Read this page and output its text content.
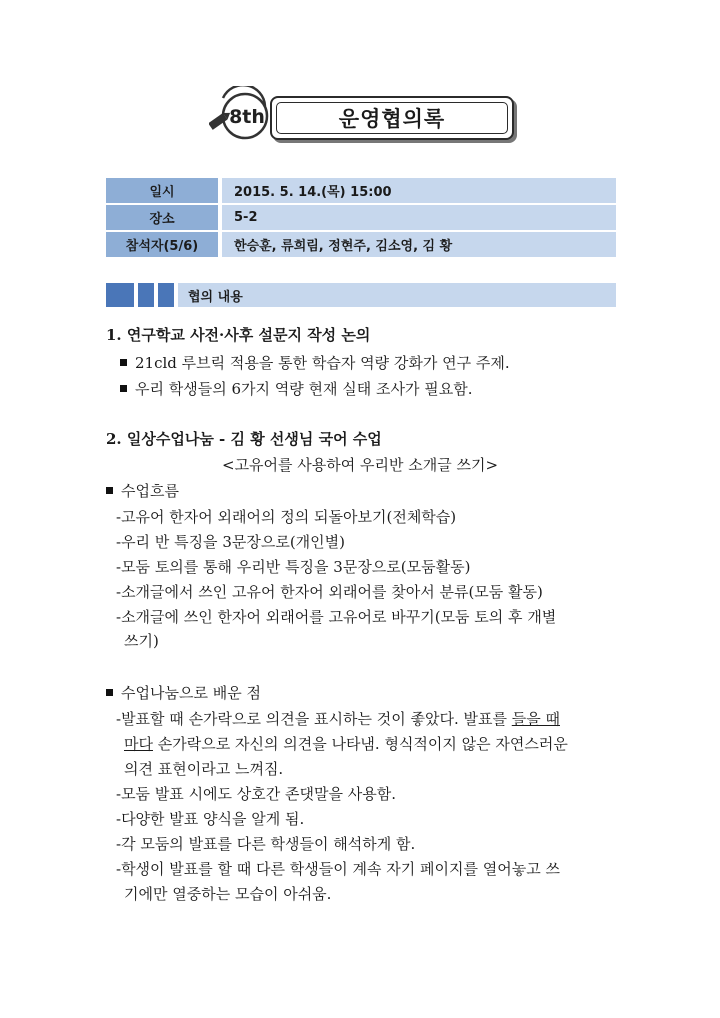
8th	운영협의록
일시		2015. 5. 14.(목) 15:00
장소		5-2
참석자(5/6)		한승훈, 류희림, 정현주, 김소영, 김 황
협의 내용
1. 연구학교 사전·사후 설문지 작성 논의
21cld 루브릭 적용을 통한 학습자 역량 강화가 연구 주제.
우리 학생들의 6가지 역량 현재 실태 조사가 필요함.
2. 일상수업나눔 - 김 황 선생님 국어 수업
<고유어를 사용하여 우리반 소개글 쓰기>
수업흐름
-고유어 한자어 외래어의 정의 되돌아보기(전체학습)
-우리 반 특징을 3문장으로(개인별)
-모둠 토의를 통해 우리반 특징을 3문장으로(모둠활동)
-소개글에서 쓰인 고유어 한자어 외래어를 찾아서 분류(모둠 활동)
-소개글에 쓰인 한자어 외래어를 고유어로 바꾸기(모둠 토의 후 개별
쓰기)
수업나눔으로 배운 점
-발표할 때 손가락으로 의견을 표시하는 것이 좋았다. 발표를 들을 때
마다 손가락으로 자신의 의견을 나타냄. 형식적이지 않은 자연스러운
의견 표현이라고 느껴짐.
-모둠 발표 시에도 상호간 존댓말을 사용함.
-다양한 발표 양식을 알게 됨.
-각 모둠의 발표를 다른 학생들이 해석하게 함.
-학생이 발표를 할 때 다른 학생들이 계속 자기 페이지를 열어놓고 쓰
기에만 열중하는 모습이 아쉬움.
